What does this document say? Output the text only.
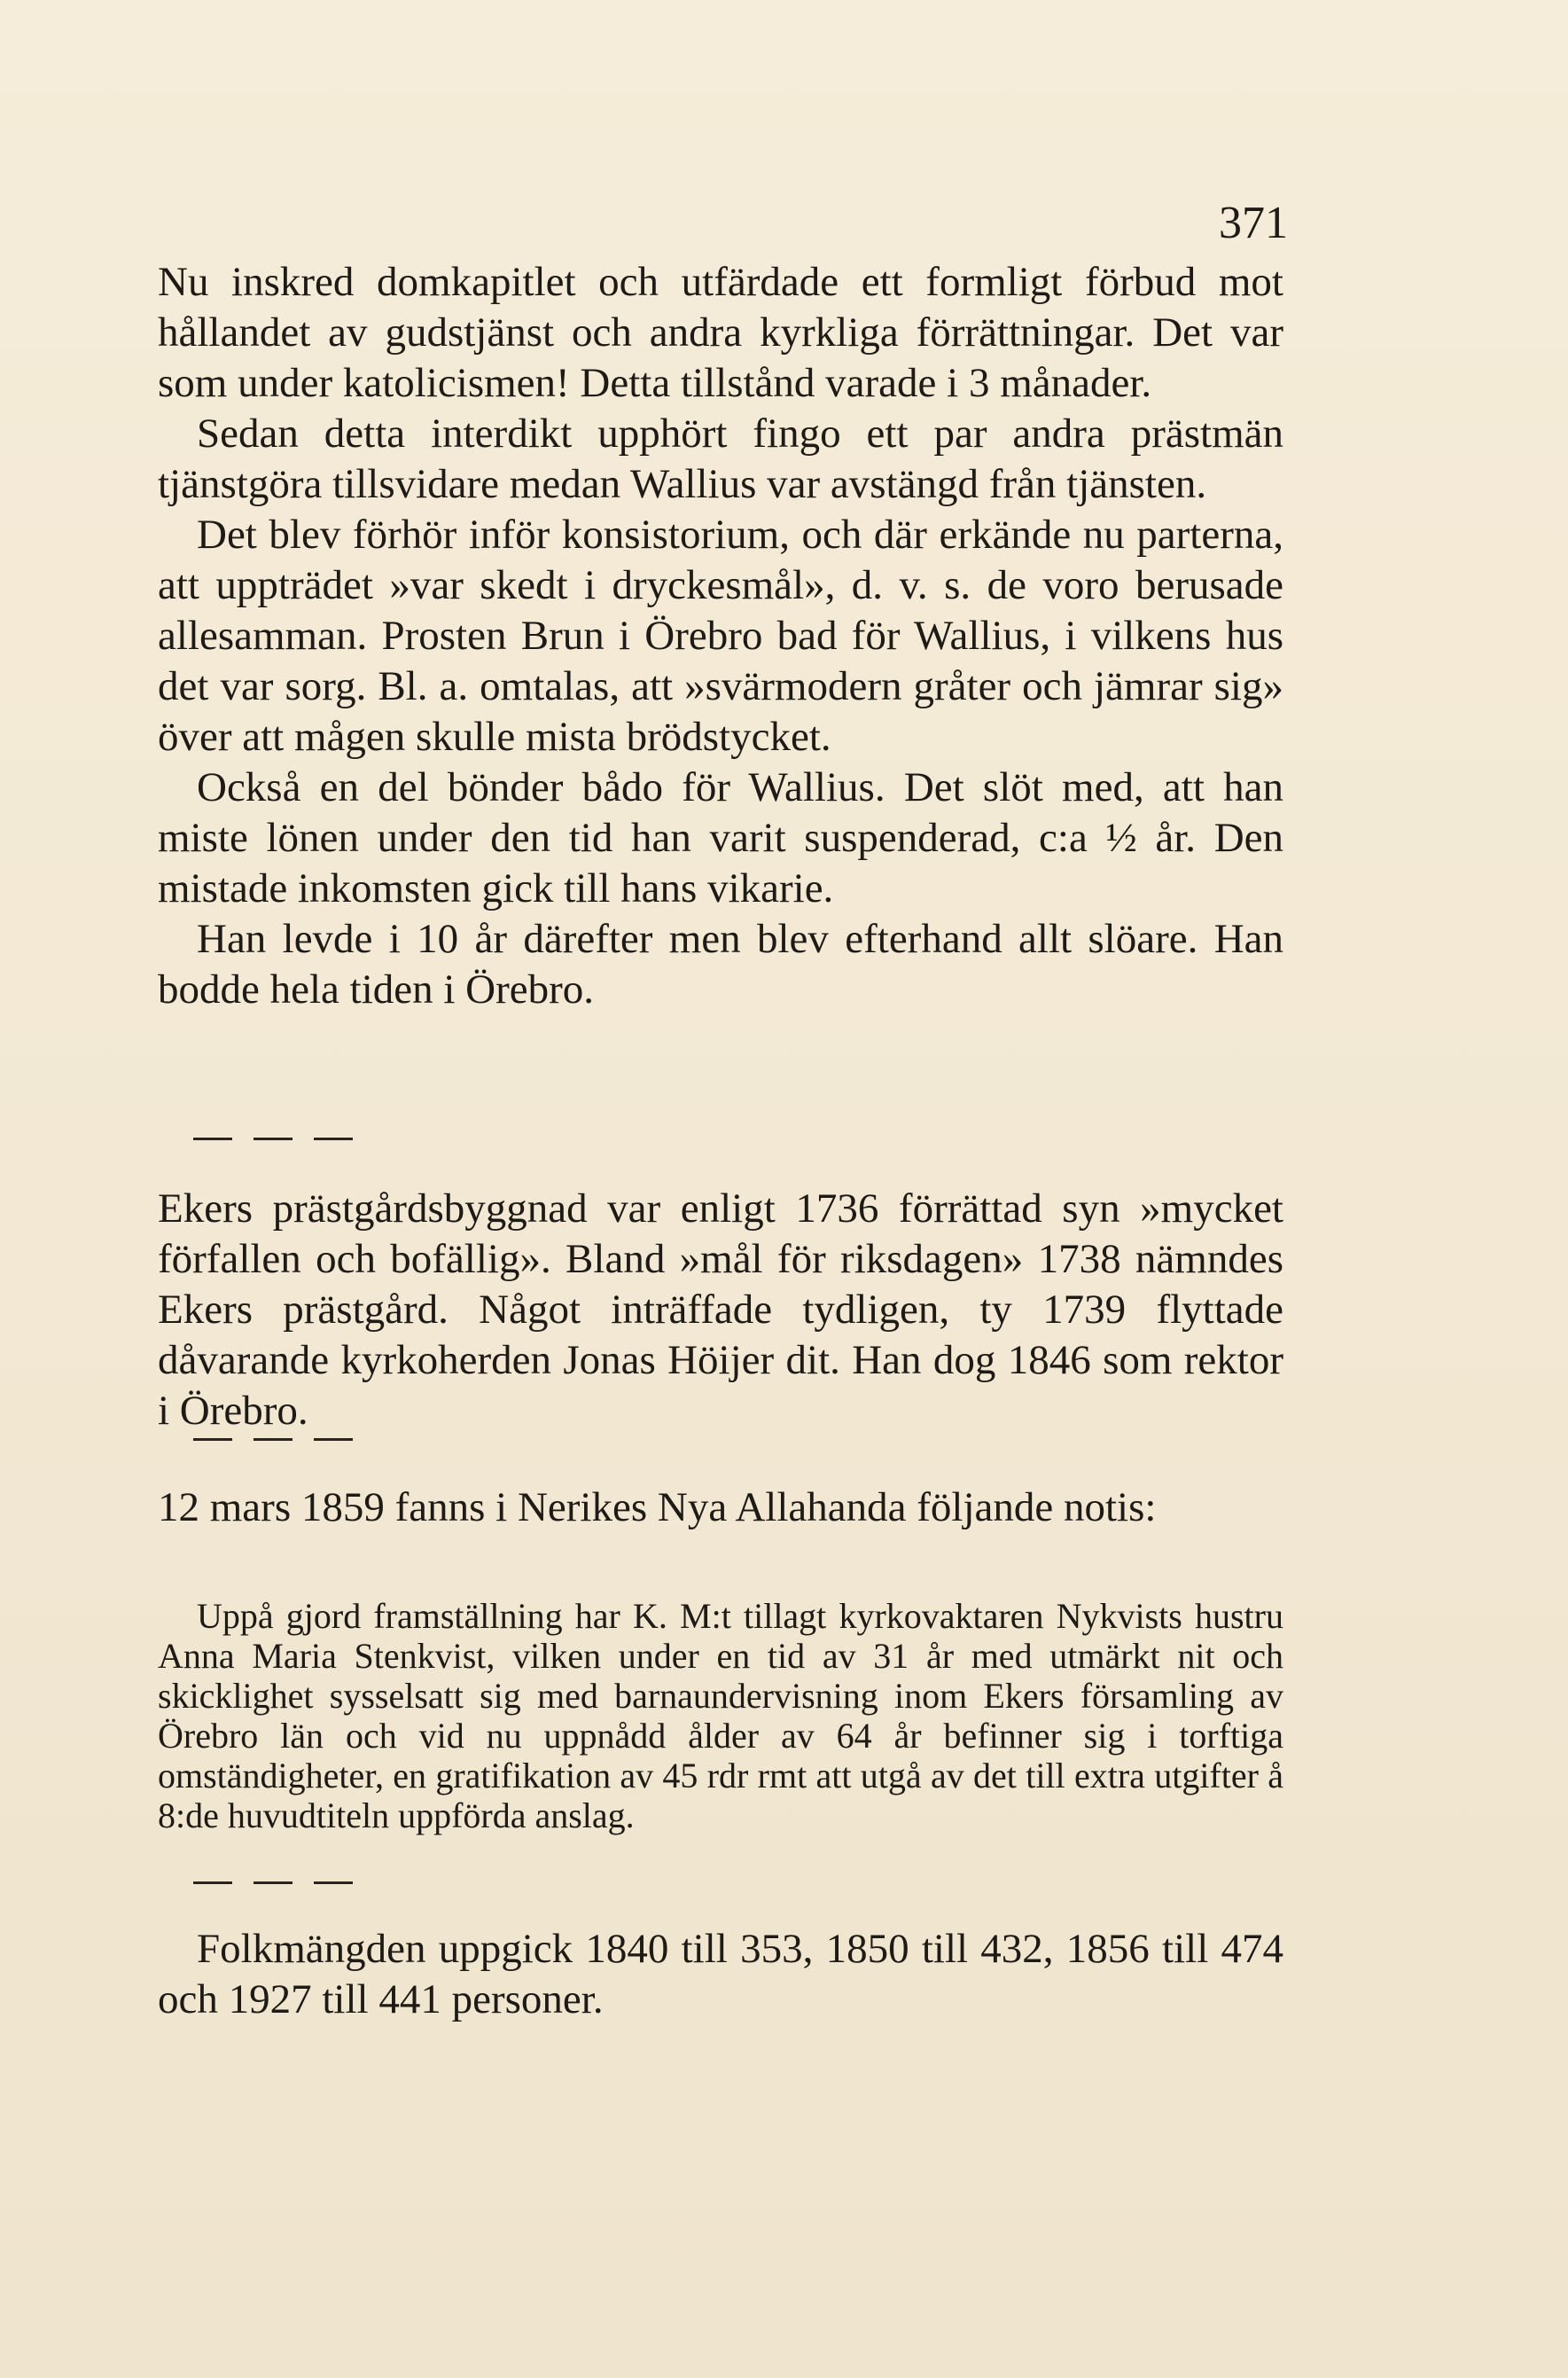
371

Nu inskred domkapitlet och utfärdade ett formligt förbud mot hållandet av gudstjänst och andra kyrkliga förrättningar. Det var som under katolicismen! Detta tillstånd varade i 3 månader.

Sedan detta interdikt upphört fingo ett par andra prästmän tjänstgöra tillsvidare medan Wallius var avstängd från tjänsten.

Det blev förhör inför konsistorium, och där erkände nu parterna, att uppträdet »var skedt i dryckesmål», d. v. s. de voro berusade allesamman. Prosten Brun i Örebro bad för Wallius, i vilkens hus det var sorg. Bl. a. omtalas, att »svärmodern gråter och jämrar sig» över att mågen skulle mista brödstycket.

Också en del bönder bådo för Wallius. Det slöt med, att han miste lönen under den tid han varit suspenderad, c:a ½ år. Den mistade inkomsten gick till hans vikarie.

Han levde i 10 år därefter men blev efterhand allt slöare. Han bodde hela tiden i Örebro.

Ekers prästgårdsbyggnad var enligt 1736 förrättad syn »mycket förfallen och bofällig». Bland »mål för riksdagen» 1738 nämndes Ekers prästgård. Något inträffade tydligen, ty 1739 flyttade dåvarande kyrkoherden Jonas Höijer dit. Han dog 1846 som rektor i Örebro.

12 mars 1859 fanns i Nerikes Nya Allahanda följande notis:

Uppå gjord framställning har K. M:t tillagt kyrkovaktaren Nykvists hustru Anna Maria Stenkvist, vilken under en tid av 31 år med utmärkt nit och skicklighet sysselsatt sig med barnaundervisning inom Ekers församling av Örebro län och vid nu uppnådd ålder av 64 år befinner sig i torftiga omständigheter, en gratifikation av 45 rdr rmt att utgå av det till extra utgifter å 8:de huvudtiteln uppförda anslag.

Folkmängden uppgick 1840 till 353, 1850 till 432, 1856 till 474 och 1927 till 441 personer.
